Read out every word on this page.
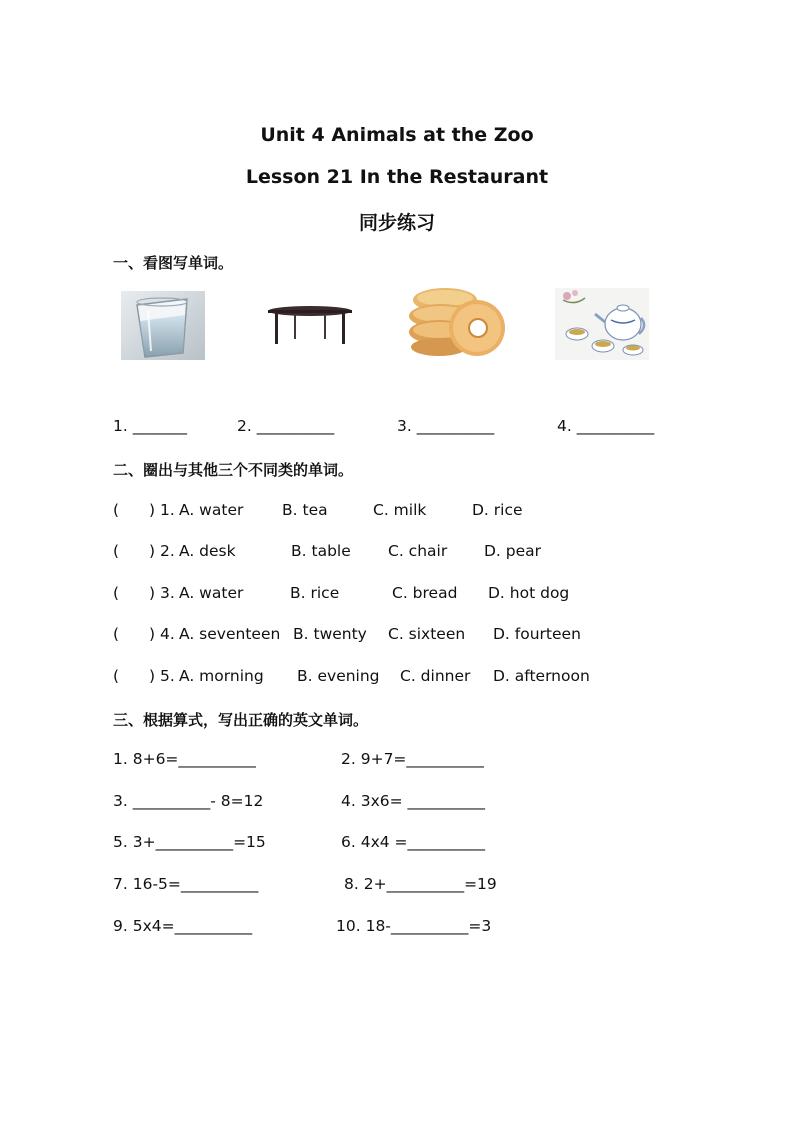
Unit 4 Animals at the Zoo
Lesson 21 In the Restaurant
同步练习
一、看图写单词。
1. _______	2. __________	3. __________	4. __________
二、圈出与其他三个不同类的单词。
( ) 1. A. water B. tea	C. milk	D. rice
( ) 2. A. desk	B. table C. chair D. pear
( ) 3. A. water	B. rice	C. bread D. hot dog
( ) 4. A. seventeen B. twenty C. sixteen D. fourteen
( ) 5. A. morning B. evening C. dinner D. afternoon
三、根据算式，写出正确的英文单词。
1. 8+6=__________	2. 9+7=__________
3. __________- 8=12	4. 3x6= __________
5. 3+__________=15	6. 4x4 =__________
7. 16-5=__________	8. 2+__________=19
9. 5x4=__________	10. 18-__________=3
